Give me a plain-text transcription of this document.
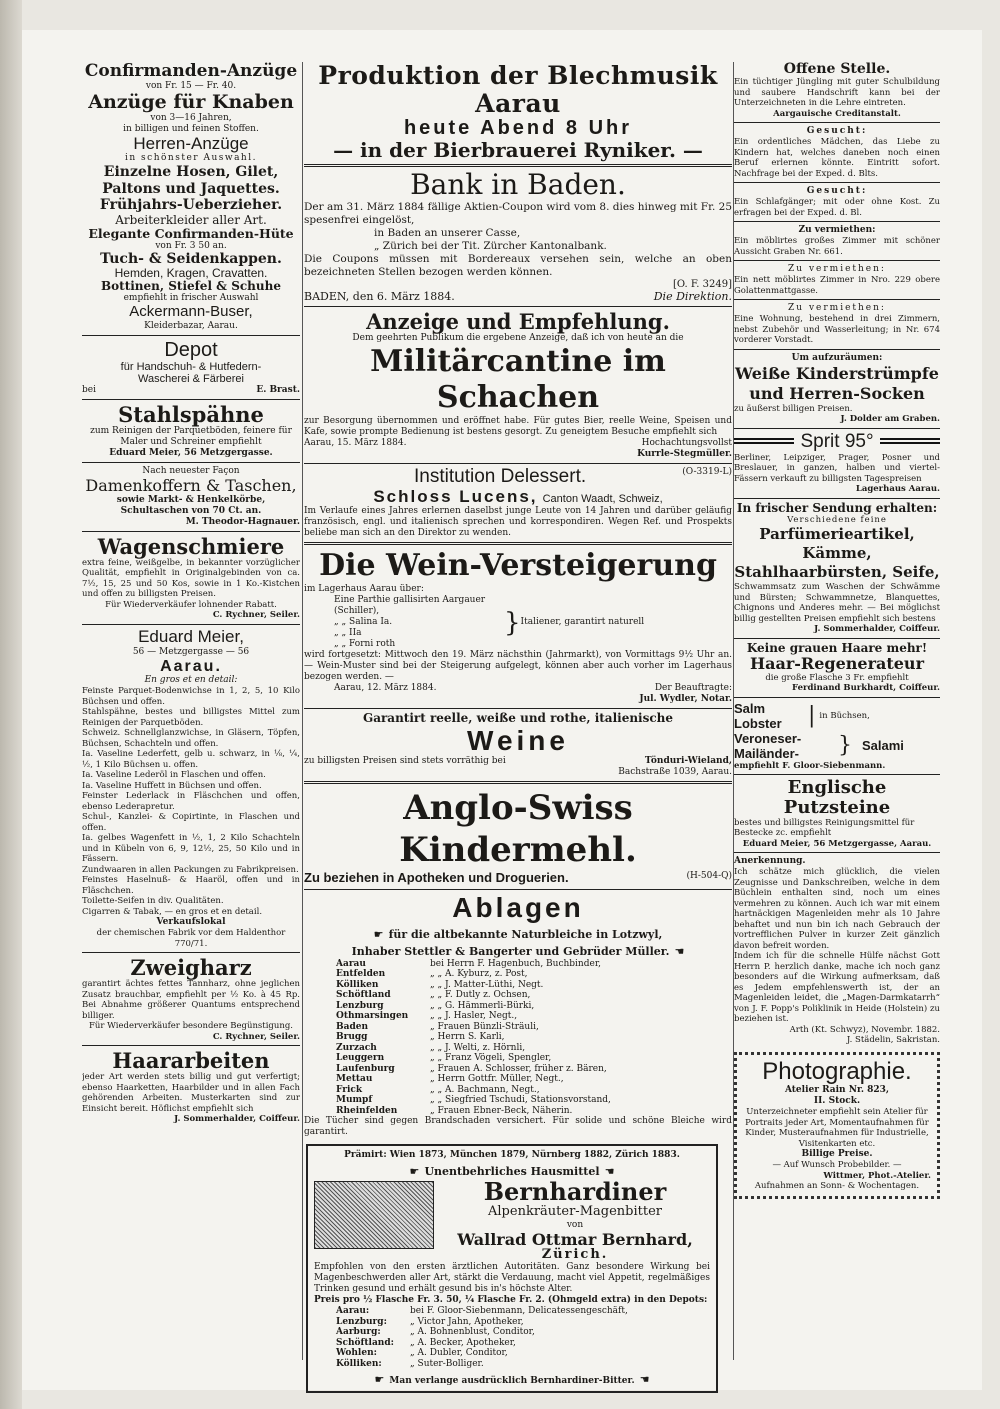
Confirmanden-Anzüge
von Fr. 15 — Fr. 40.
Anzüge für Knaben
von 3—16 Jahren,
in billigen und feinen Stoffen.
Herren-Anzüge
in schönster Auswahl.
Einzelne Hosen, Gilet, Paltons und Jaquettes.
Frühjahrs-Ueberzieher.
Arbeiterkleider aller Art.
Elegante Confirmanden-Hüte
von Fr. 3 50 an.
Tuch- & Seidenkappen.
Hemden, Kragen, Cravatten.
Bottinen, Stiefel & Schuhe
empfiehlt in frischer Auswahl
Ackermann-Buser,
Kleiderbazar, Aarau.
Depot
für Handschuh- & Hutfedern-
Wascherei & Färberei
bei	E. Brast.
Stahlspähne
zum Reinigen der Parquetböden, feinere für Maler und Schreiner empfiehlt
Eduard Meier, 56 Metzgergasse.
Nach neuester Façon
Damenkoffern & Taschen,
sowie Markt- & Henkelkörbe, Schultaschen von 70 Ct. an.
M. Theodor-Hagnauer.
Wagenschmiere
extra feine, weißgelbe, in bekannter vorzüglicher Qualität, empfiehlt in Originalgebinden von ca. 7½, 15, 25 und 50 Kos, sowie in 1 Ko.-Kistchen und offen zu billigsten Preisen.
Für Wiederverkäufer lohnender Rabatt.
C. Rychner, Seiler.
Eduard Meier,
56 — Metzgergasse — 56
Aarau.
En gros et en detail:
Feinste Parquet-Bodenwichse in 1, 2, 5, 10 Kilo Büchsen und offen.
Stahlspähne, bestes und billigstes Mittel zum Reinigen der Parquetböden.
Schweiz. Schnellglanzwichse, in Gläsern, Töpfen, Büchsen, Schachteln und offen.
Ia. Vaseline Lederfett, gelb u. schwarz, in ⅛, ¼, ½, 1 Kilo Büchsen u. offen.
Ia. Vaseline Lederöl in Flaschen und offen.
Ia. Vaseline Huffett in Büchsen und offen.
Feinster Lederlack in Fläschchen und offen, ebenso Lederapretur.
Schul-, Kanzlei- & Copirtinte, in Flaschen und offen.
Ia. gelbes Wagenfett in ½, 1, 2 Kilo Schachteln und in Kübeln von 6, 9, 12½, 25, 50 Kilo und in Fässern.
Zundwaaren in allen Packungen zu Fabrikpreisen.
Feinstes Haselnuß- & Haaröl, offen und in Fläschchen.
Toilette-Seifen in div. Qualitäten.
Cigarren & Tabak, — en gros et en detail.
Verkaufslokal
der chemischen Fabrik vor dem Haldenthor 770/71.
Zweigharz
garantirt ächtes fettes Tannharz, ohne jeglichen Zusatz brauchbar, empfiehlt per ½ Ko. à 45 Rp. Bei Abnahme größerer Quantums entsprechend billiger.
Für Wiederverkäufer besondere Begünstigung.
C. Rychner, Seiler.
Haararbeiten
jeder Art werden stets billig und gut verfertigt; ebenso Haarketten, Haarbilder und in allen Fach gehörenden Arbeiten. Musterkarten sind zur Einsicht bereit. Höflichst empfiehlt sich
J. Sommerhalder, Coiffeur.
Produktion der Blechmusik Aarau
heute Abend 8 Uhr
— in der Bierbrauerei Ryniker. —
Bank in Baden.
Der am 31. März 1884 fällige Aktien-Coupon wird vom 8. dies hinweg mit Fr. 25 spesenfrei eingelöst,
in Baden an unserer Casse,
„ Zürich bei der Tit. Zürcher Kantonalbank.
Die Coupons müssen mit Bordereaux versehen sein, welche an oben bezeichneten Stellen bezogen werden können.
[O. F. 3249]
BADEN, den 6. März 1884.	Die Direktion.
Anzeige und Empfehlung.
Dem geehrten Publikum die ergebene Anzeige, daß ich von heute an die
Militärcantine im Schachen
zur Besorgung übernommen und eröffnet habe. Für gutes Bier, reelle Weine, Speisen und Kafe, sowie prompte Bedienung ist bestens gesorgt. Zu geneigtem Besuche empfiehlt sich
Aarau, 15. März 1884.	Hochachtungsvollst
Kurrle-Stegmüller.
Institution Delessert.	(O-3319-L)
Schloss Lucens, Canton Waadt, Schweiz,
Im Verlaufe eines Jahres erlernen daselbst junge Leute von 14 Jahren und darüber geläufig französisch, engl. und italienisch sprechen und korrespondiren. Wegen Ref. und Prospekts beliebe man sich an den Direktor zu wenden.
Die Wein-Versteigerung
im Lagerhaus Aarau über:
Eine Parthie gallisirten Aargauer (Schiller),
„ „ Salina Ia.
„ „ IIa
„ „ Forni roth
} Italiener, garantirt naturell
wird fortgesetzt: Mittwoch den 19. März nächsthin (Jahrmarkt), von Vormittags 9½ Uhr an. — Wein-Muster sind bei der Steigerung aufgelegt, können aber auch vorher im Lagerhaus bezogen werden. —
Aarau, 12. März 1884.	Der Beauftragte:
Jul. Wydler, Notar.
Garantirt reelle, weiße und rothe, italienische
Weine
zu billigsten Preisen sind stets vorräthig bei	Tönduri-Wieland,
Bachstraße 1039, Aarau.
Anglo-Swiss Kindermehl.
Zu beziehen in Apotheken und Droguerien.	(H-504-Q)
Ablagen
☛ für die altbekannte Naturbleiche in Lotzwyl,
Inhaber Stettler & Bangerter und Gebrüder Müller. ☚
Aarau	bei Herrn F. Hagenbuch, Buchbinder,
Entfelden	„ „ A. Kyburz, z. Post,
Kölliken	„ „ J. Matter-Lüthi, Negt.
Schöftland	„ „ F. Dutly z. Ochsen,
Lenzburg	„ „ G. Hämmerli-Bürki,
Othmarsingen	„ „ J. Hasler, Negt.,
Baden	„ Frauen Bünzli-Sträuli,
Brugg	„ Herrn S. Karli,
Zurzach	„ „ J. Welti, z. Hörnli,
Leuggern	„ „ Franz Vögeli, Spengler,
Laufenburg	„ Frauen A. Schlosser, früher z. Bären,
Mettau	„ Herrn Gottfr. Müller, Negt.,
Frick	„ „ A. Bachmann, Negt.,
Mumpf	„ „ Siegfried Tschudi, Stationsvorstand,
Rheinfelden	„ Frauen Ebner-Beck, Näherin.
Die Tücher sind gegen Brandschaden versichert. Für solide und schöne Bleiche wird garantirt.
Prämirt: Wien 1873, München 1879, Nürnberg 1882, Zürich 1883.
☛ Unentbehrliches Hausmittel ☚
Bernhardiner
Alpenkräuter-Magenbitter
von
Wallrad Ottmar Bernhard,
Zürich.
Empfohlen von den ersten ärztlichen Autoritäten. Ganz besondere Wirkung bei Magenbeschwerden aller Art, stärkt die Verdauung, macht viel Appetit, regelmäßiges Trinken gesund und erhält gesund bis in's höchste Alter.
Preis pro ½ Flasche Fr. 3. 50, ¼ Flasche Fr. 2. (Ohmgeld extra) in den Depots:
Aarau:	bei F. Gloor-Siebenmann, Delicatessengeschäft,
Lenzburg:	„ Victor Jahn, Apotheker,
Aarburg:	„ A. Bohnenblust, Conditor,
Schöftland:	„ A. Becker, Apotheker,
Wohlen:	„ A. Dubler, Conditor,
Kölliken:	„ Suter-Bolliger.
☛ Man verlange ausdrücklich Bernhardiner-Bitter. ☚
Offene Stelle.
Ein tüchtiger Jüngling mit guter Schulbildung und saubere Handschrift kann bei der Unterzeichneten in die Lehre eintreten.
Aargauische Creditanstalt.
Gesucht:
Ein ordentliches Mädchen, das Liebe zu Kindern hat, welches daneben noch einen Beruf erlernen könnte. Eintritt sofort. Nachfrage bei der Exped. d. Blts.
Gesucht:
Ein Schlafgänger; mit oder ohne Kost. Zu erfragen bei der Exped. d. Bl.
Zu vermiethen:
Ein möblirtes großes Zimmer mit schöner Aussicht Graben Nr. 661.
Zu vermiethen:
Ein nett möblirtes Zimmer in Nro. 229 obere Golattenmattgasse.
Zu vermiethen:
Eine Wohnung, bestehend in drei Zimmern, nebst Zubehör und Wasserleitung; in Nr. 674 vorderer Vorstadt.
Um aufzuräumen:
Weiße Kinderstrümpfe und Herren-Socken
zu äußerst billigen Preisen.
J. Dolder am Graben.
Sprit 95°
Berliner, Leipziger, Prager, Posner und Breslauer, in ganzen, halben und viertel-Fässern verkauft zu billigsten Tagespreisen
Lagerhaus Aarau.
In frischer Sendung erhalten:
Verschiedene feine
Parfümerieartikel, Kämme, Stahlhaarbürsten, Seife,
Schwammsatz zum Waschen der Schwämme und Bürsten; Schwammnetze, Blanquettes, Chignons und Anderes mehr. — Bei möglichst billig gestellten Preisen empfiehlt sich bestens
J. Sommerhalder, Coiffeur.
Keine grauen Haare mehr!
Haar-Regenerateur
die große Flasche 3 Fr. empfiehlt
Ferdinand Burkhardt, Coiffeur.
Salm
Lobster	| in Büchsen,
Veroneser-Mailänder-	} Salami
empfiehlt F. Gloor-Siebenmann.
Englische Putzsteine
bestes und billigstes Reinigungsmittel für Bestecke zc. empfiehlt
Eduard Meier, 56 Metzgergasse, Aarau.
Anerkennung.
Ich schätze mich glücklich, die vielen Zeugnisse und Dankschreiben, welche in dem Büchlein enthalten sind, noch um eines vermehren zu können. Auch ich war mit einem hartnäckigen Magenleiden mehr als 10 Jahre behaftet und nun bin ich nach Gebrauch der vortrefflichen Pulver in kurzer Zeit gänzlich davon befreit worden.
Indem ich für die schnelle Hülfe nächst Gott Herrn P. herzlich danke, mache ich noch ganz besonders auf die Wirkung aufmerksam, daß es Jedem empfehlenswerth ist, der an Magenleiden leidet, die „Magen-Darmkatarrh“ von J. F. Popp's Poliklinik in Heide (Holstein) zu beziehen ist.
Arth (Kt. Schwyz), Novembr. 1882.
J. Städelin, Sakristan.
Photographie.
Atelier Rain Nr. 823,
II. Stock.
Unterzeichneter empfiehlt sein Atelier für Portraits jeder Art, Momentaufnahmen für Kinder, Musteraufnahmen für Industrielle, Visitenkarten etc.
Billige Preise.
— Auf Wunsch Probebilder. —
Wittmer, Phot.-Atelier.
Aufnahmen an Sonn- & Wochentagen.
